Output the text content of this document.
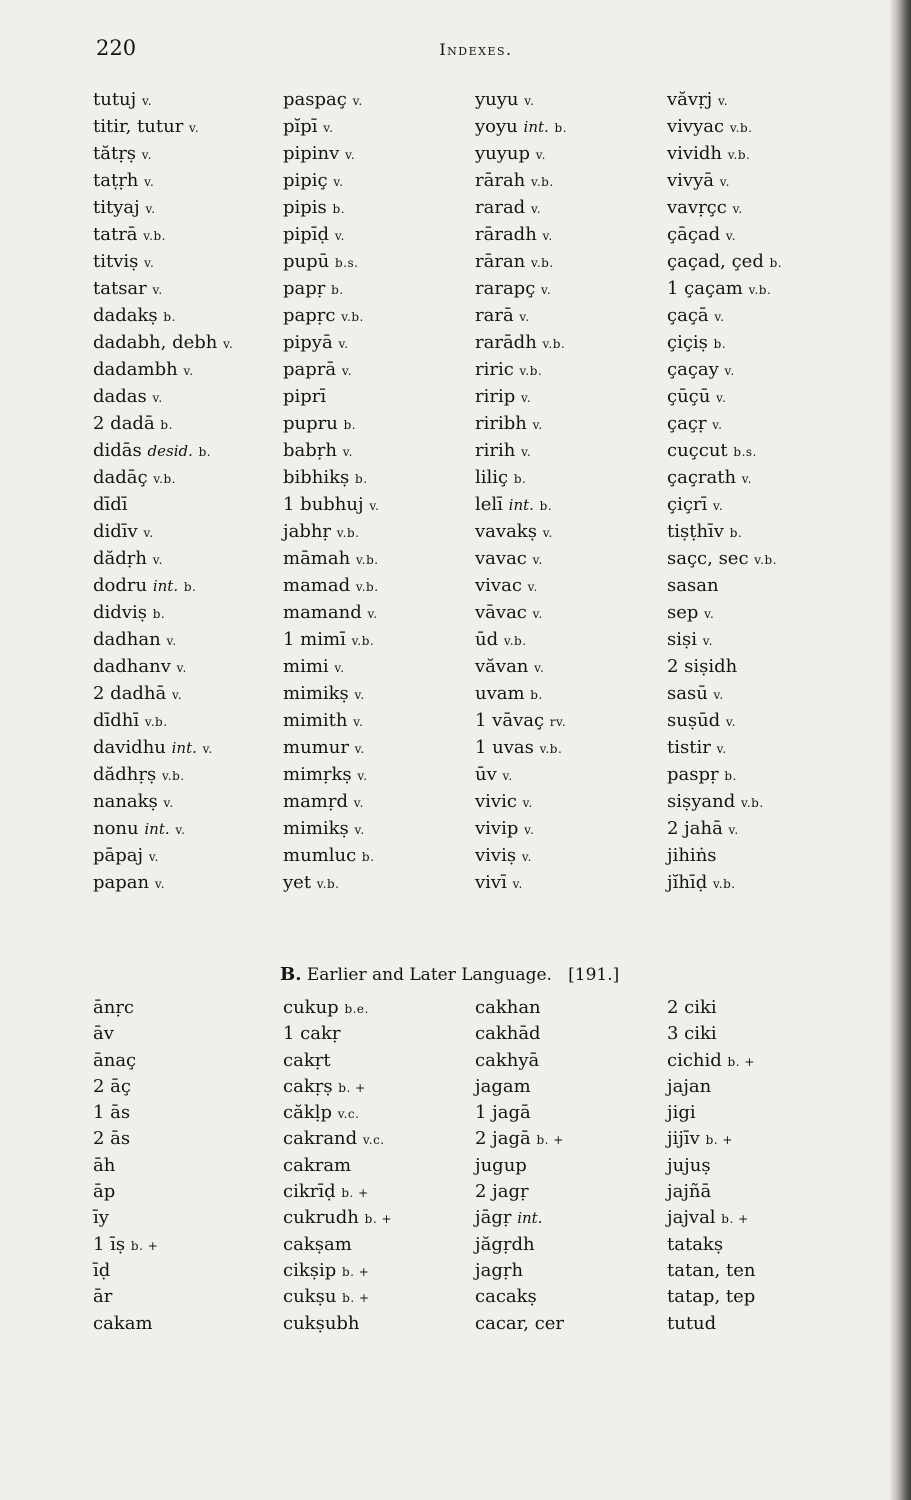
220	Indexes.
tutuj v.
titir, tutur v.
tătṛṣ v.
taṭṛh v.
tityaj v.
tatrā v.b.
titviṣ v.
tatsar v.
dadakṣ b.
dadabh, debh v.
dadambh v.
dadas v.
2 dadā b.
didās desid. b.
dadāç v.b.
dīdī
didīv v.
dădṛh v.
dodru int. b.
didviṣ b.
dadhan v.
dadhanv v.
2 dadhā v.
dīdhī v.b.
davidhu int. v.
dădhṛṣ v.b.
nanakṣ v.
nonu int. v.
pāpaj v.
papan v.
paspaç v.
pĭpī v.
pipinv v.
pipiç v.
pipis b.
pipīḍ v.
pupū b.s.
papṛ b.
papṛc v.b.
pipyā v.
paprā v.
piprī
pupru b.
babṛh v.
bibhikṣ b.
1 bubhuj v.
jabhṛ v.b.
māmah v.b.
mamad v.b.
mamand v.
1 mimī v.b.
mimi v.
mimikṣ v.
mimith v.
mumur v.
mimṛkṣ v.
mamṛd v.
mimikṣ v.
mumluc b.
yet v.b.
yuyu v.
yoyu int. b.
yuyup v.
rārah v.b.
rarad v.
rāradh v.
rāran v.b.
rarapç v.
rarā v.
rarādh v.b.
riric v.b.
ririp v.
riribh v.
ririh v.
liliç b.
lelī int. b.
vavakṣ v.
vavac v.
vivac v.
vāvac v.
ūd v.b.
văvan v.
uvam b.
1 vāvaç rv.
1 uvas v.b.
ūv v.
vivic v.
vivip v.
viviṣ v.
vivī v.
văvṛj v.
vivyac v.b.
vividh v.b.
vivyā v.
vavṛçc v.
çāçad v.
çaçad, çed b.
1 çaçam v.b.
çaçā v.
çiçiṣ b.
çaçay v.
çūçū v.
çaçṛ v.
cuçcut b.s.
çaçrath v.
çiçrī v.
tiṣṭhīv b.
saçc, sec v.b.
sasan
sep v.
siṣi v.
2 siṣidh
sasū v.
suṣūd v.
tistir v.
paspṛ b.
siṣyand v.b.
2 jahā v.
jihiṅs
jĭhīḍ v.b.
B. Earlier and Later Language. [191.]
ānṛc
āv
ānaç
2 āç
1 ās
2 ās
āh
āp
īy
1 īṣ b. +
īḍ
ār
cakam
cukup b.e.
1 cakṛ
cakṛt
cakṛṣ b. +
căkḷp v.c.
cakrand v.c.
cakram
cikrīḍ b. +
cukrudh b. +
cakṣam
cikṣip b. +
cukṣu b. +
cukṣubh
cakhan
cakhād
cakhyā
jagam
1 jagā
2 jagā b. +
jugup
2 jagṛ
jāgṛ int.
jăgṛdh
jagṛh
cacakṣ
cacar, cer
2 ciki
3 ciki
cichid b. +
jajan
jigi
jijīv b. +
jujuṣ
jajñā
jajval b. +
tatakṣ
tatan, ten
tatap, tep
tutud
